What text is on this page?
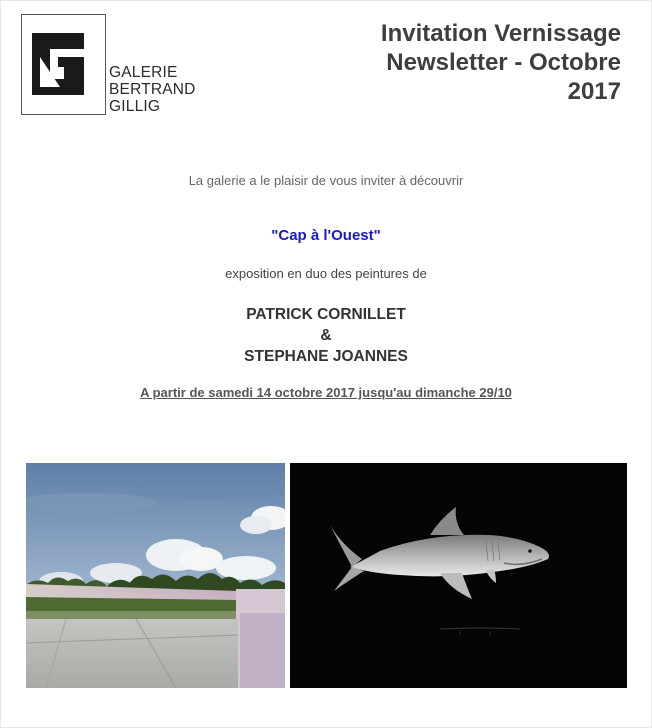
GALERIE
BERTRAND
GILLIG
Invitation Vernissage
Newsletter - Octobre
2017
La galerie a le plaisir de vous inviter à découvrir
"Cap à l'Ouest"
exposition en duo des peintures de
PATRICK CORNILLET
&
STEPHANE JOANNES
A partir de samedi 14 octobre 2017 jusqu'au dimanche 29/10
